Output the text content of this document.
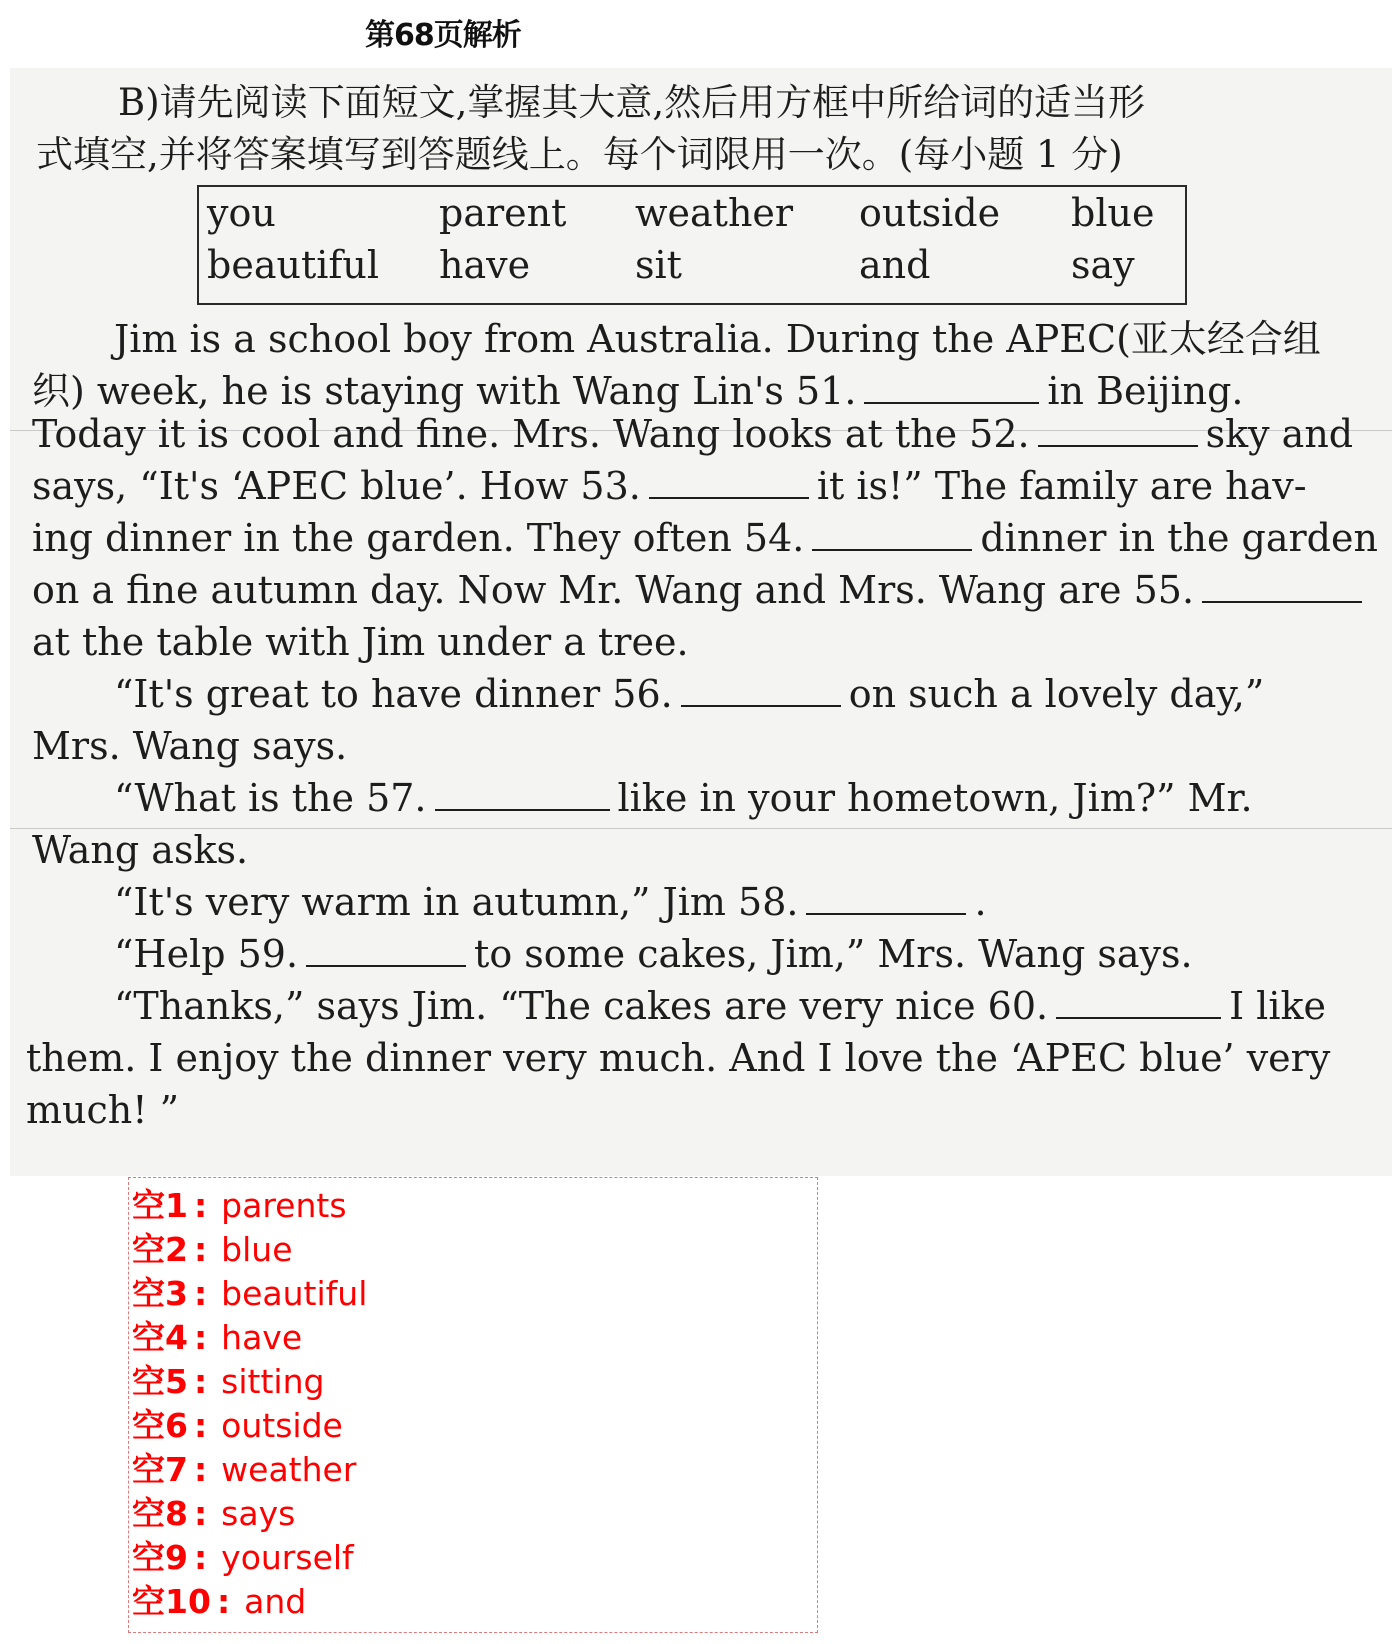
第68页解析
B)请先阅读下面短文,掌握其大意,然后用方框中所给词的适当形
式填空,并将答案填写到答题线上。每个词限用一次。(每小题 1 分)
you	parent weather outside blue
beautiful have	sit	and	say
Jim is a school boy from Australia. During the APEC(亚太经合组
织) week, he is staying with Wang Lin's 51.	in Beijing.
Today it is cool and fine. Mrs. Wang looks at the 52.	sky and
says, “It's ‘APEC blue’. How 53.	it is!” The family are hav-
ing dinner in the garden. They often 54.	dinner in the garden
on a fine autumn day. Now Mr. Wang and Mrs. Wang are 55.
at the table with Jim under a tree.
“It's great to have dinner 56.	on such a lovely day,”
Mrs. Wang says.
“What is the 57.	like in your hometown, Jim?” Mr.
Wang asks.
“It's very warm in autumn,” Jim 58.	.
“Help 59.	to some cakes, Jim,” Mrs. Wang says.
“Thanks,” says Jim. “The cakes are very nice 60.	I like
them. I enjoy the dinner very much. And I love the ‘APEC blue’ very
much! ”
空1 : parents
空2 : blue
空3 : beautiful
空4 : have
空5 : sitting
空6 : outside
空7 : weather
空8 : says
空9 : yourself
空10 : and
